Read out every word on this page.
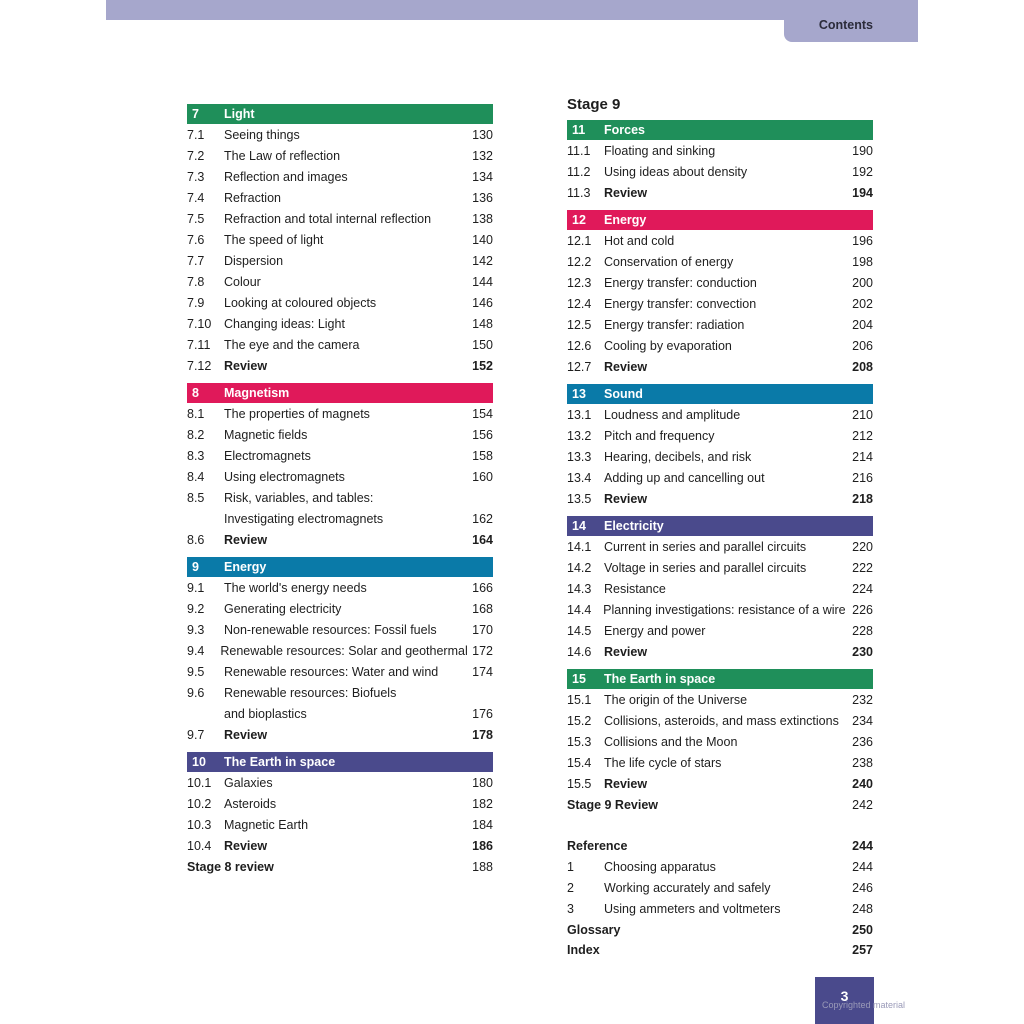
Contents
7	Light
7.1	Seeing things	130
7.2	The Law of reflection	132
7.3	Reflection and images	134
7.4	Refraction	136
7.5	Refraction and total internal reflection	138
7.6	The speed of light	140
7.7	Dispersion	142
7.8	Colour	144
7.9	Looking at coloured objects	146
7.10	Changing ideas: Light	148
7.11	The eye and the camera	150
7.12	Review	152
8	Magnetism
8.1	The properties of magnets	154
8.2	Magnetic fields	156
8.3	Electromagnets	158
8.4	Using electromagnets	160
8.5	Risk, variables, and tables:
Investigating electromagnets	162
8.6	Review	164
9	Energy
9.1	The world's energy needs	166
9.2	Generating electricity	168
9.3	Non-renewable resources: Fossil fuels	170
9.4	Renewable resources: Solar and geothermal 172
9.5	Renewable resources: Water and wind	174
9.6	Renewable resources: Biofuels
and bioplastics	176
9.7	Review	178
10	The Earth in space
10.1	Galaxies	180
10.2	Asteroids	182
10.3	Magnetic Earth	184
10.4	Review	186
Stage 8 review	188
Stage 9
11	Forces
11.1	Floating and sinking	190
11.2	Using ideas about density	192
11.3	Review	194
12	Energy
12.1	Hot and cold	196
12.2	Conservation of energy	198
12.3	Energy transfer: conduction	200
12.4	Energy transfer: convection	202
12.5	Energy transfer: radiation	204
12.6	Cooling by evaporation	206
12.7	Review	208
13	Sound
13.1	Loudness and amplitude	210
13.2	Pitch and frequency	212
13.3	Hearing, decibels, and risk	214
13.4	Adding up and cancelling out	216
13.5	Review	218
14	Electricity
14.1	Current in series and parallel circuits	220
14.2	Voltage in series and parallel circuits	222
14.3	Resistance	224
14.4 Planning investigations: resistance of a wire 226
14.5	Energy and power	228
14.6	Review	230
15	The Earth in space
15.1	The origin of the Universe	232
15.2	Collisions, asteroids, and mass extinctions	234
15.3	Collisions and the Moon	236
15.4	The life cycle of stars	238
15.5	Review	240
Stage 9 Review	242
Reference	244
1	Choosing apparatus	244
2	Working accurately and safely	246
3	Using ammeters and voltmeters	248
Glossary	250
Index	257
3
Copyrighted material
